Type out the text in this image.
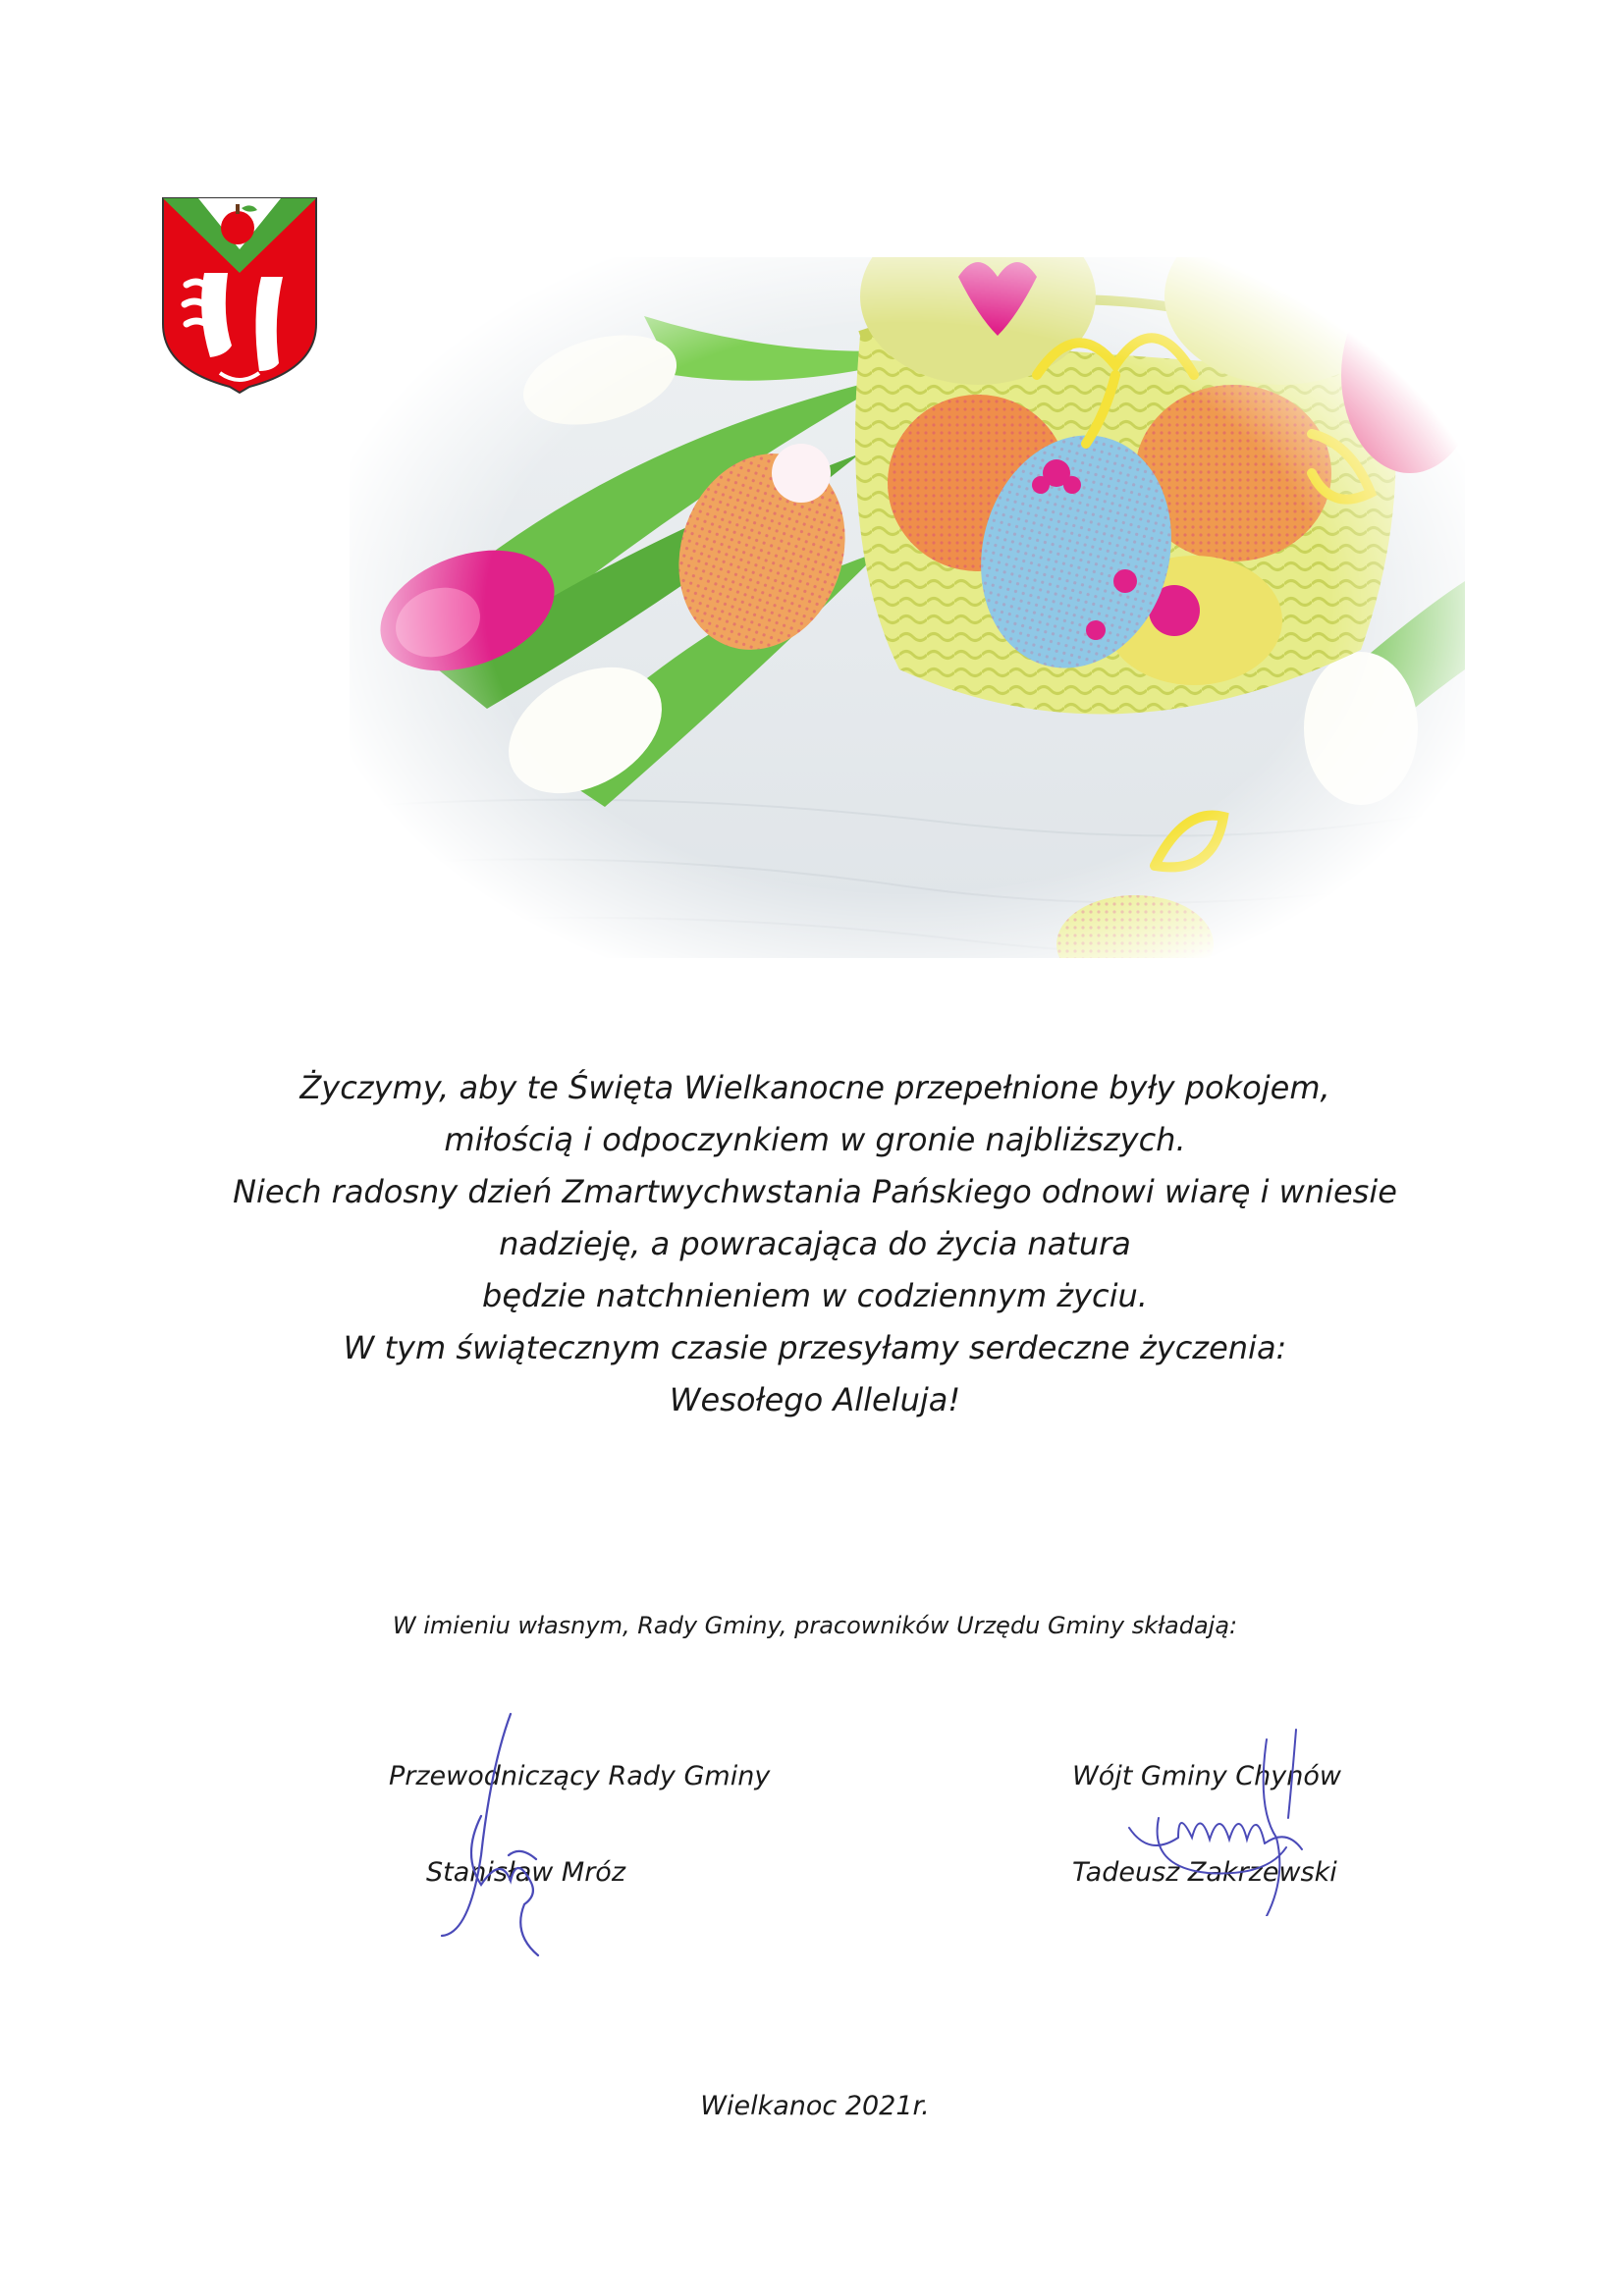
Życzymy, aby te Święta Wielkanocne przepełnione były pokojem,

miłością i odpoczynkiem w gronie najbliższych.

Niech radosny dzień Zmartwychwstania Pańskiego odnowi wiarę i wniesie

nadzieję, a powracająca do życia natura

będzie natchnieniem w codziennym życiu.

W tym świątecznym czasie przesyłamy serdeczne życzenia:

Wesołego Alleluja!

W imieniu własnym, Rady Gminy, pracowników Urzędu Gminy składają:
Przewodniczący Rady Gminy
Stanisław Mróz
Wójt Gminy Chynów
Tadeusz Zakrzewski
Wielkanoc 2021r.
